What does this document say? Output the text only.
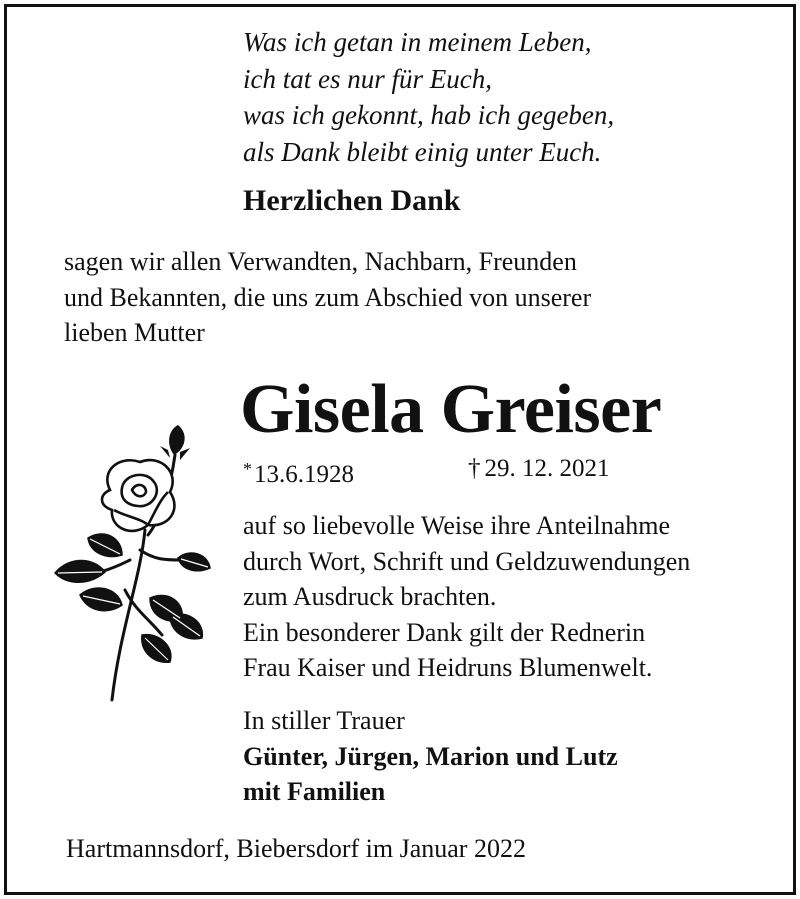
Was ich getan in meinem Leben,
ich tat es nur für Euch,
was ich gekonnt, hab ich gegeben,
als Dank bleibt einig unter Euch.
Herzlichen Dank
sagen wir allen Verwandten, Nachbarn, Freunden
und Bekannten, die uns zum Abschied von unserer
lieben Mutter
Gisela Greiser
*13.6.1928	† 29. 12. 2021
auf so liebevolle Weise ihre Anteilnahme
durch Wort, Schrift und Geldzuwendungen
zum Ausdruck brachten.
Ein besonderer Dank gilt der Rednerin
Frau Kaiser und Heidruns Blumenwelt.
In stiller Trauer
Günter, Jürgen, Marion und Lutz
mit Familien
Hartmannsdorf, Biebersdorf im Januar 2022
